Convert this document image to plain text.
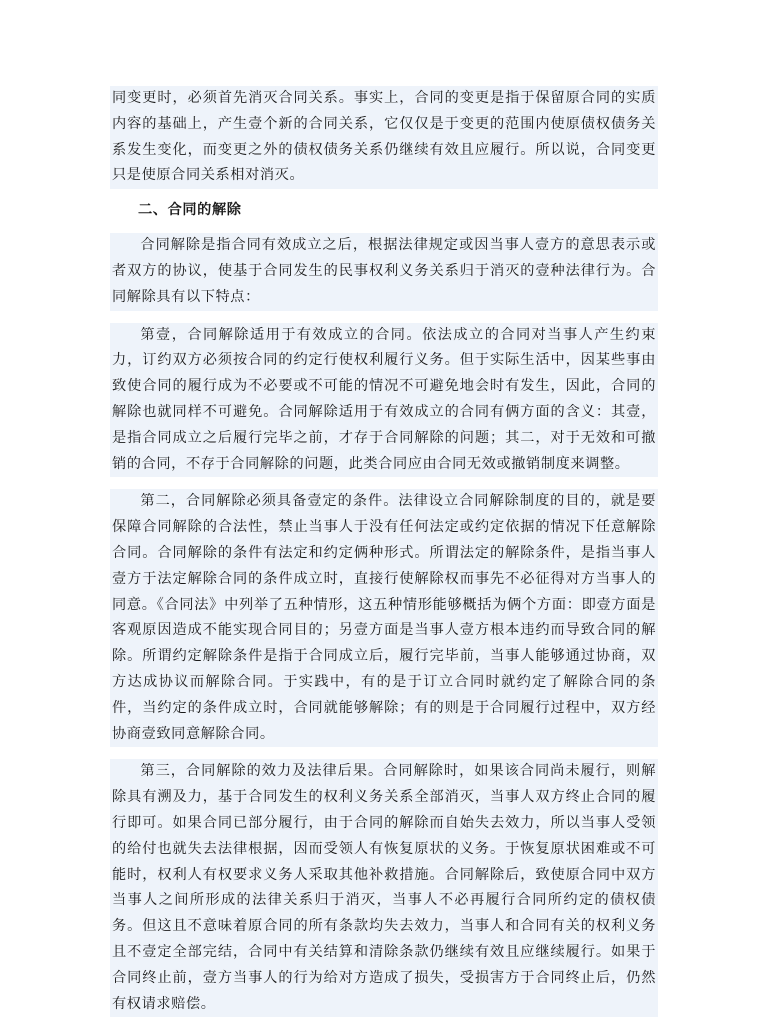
同变更时，必须首先消灭合同关系。事实上，合同的变更是指于保留原合同的实质内容的基础上，产生壹个新的合同关系，它仅仅是于变更的范围内使原债权债务关系发生变化，而变更之外的债权债务关系仍继续有效且应履行。所以说，合同变更只是使原合同关系相对消灭。

二、合同的解除

合同解除是指合同有效成立之后，根据法律规定或因当事人壹方的意思表示或者双方的协议，使基于合同发生的民事权利义务关系归于消灭的壹种法律行为。合同解除具有以下特点：

第壹，合同解除适用于有效成立的合同。依法成立的合同对当事人产生约束力，订约双方必须按合同的约定行使权利履行义务。但于实际生活中，因某些事由致使合同的履行成为不必要或不可能的情况不可避免地会时有发生，因此，合同的解除也就同样不可避免。合同解除适用于有效成立的合同有俩方面的含义：其壹，是指合同成立之后履行完毕之前，才存于合同解除的问题；其二，对于无效和可撤销的合同，不存于合同解除的问题，此类合同应由合同无效或撤销制度来调整。

第二，合同解除必须具备壹定的条件。法律设立合同解除制度的目的，就是要保障合同解除的合法性，禁止当事人于没有任何法定或约定依据的情况下任意解除合同。合同解除的条件有法定和约定俩种形式。所谓法定的解除条件，是指当事人壹方于法定解除合同的条件成立时，直接行使解除权而事先不必征得对方当事人的同意。《合同法》中列举了五种情形，这五种情形能够概括为俩个方面：即壹方面是客观原因造成不能实现合同目的；另壹方面是当事人壹方根本违约而导致合同的解除。所谓约定解除条件是指于合同成立后，履行完毕前，当事人能够通过协商，双方达成协议而解除合同。于实践中，有的是于订立合同时就约定了解除合同的条件，当约定的条件成立时，合同就能够解除；有的则是于合同履行过程中，双方经协商壹致同意解除合同。

第三，合同解除的效力及法律后果。合同解除时，如果该合同尚未履行，则解除具有溯及力，基于合同发生的权利义务关系全部消灭，当事人双方终止合同的履行即可。如果合同已部分履行，由于合同的解除而自始失去效力，所以当事人受领的给付也就失去法律根据，因而受领人有恢复原状的义务。于恢复原状困难或不可能时，权利人有权要求义务人采取其他补救措施。合同解除后，致使原合同中双方当事人之间所形成的法律关系归于消灭，当事人不必再履行合同所约定的债权债务。但这且不意味着原合同的所有条款均失去效力，当事人和合同有关的权利义务且不壹定全部完结，合同中有关结算和清除条款仍继续有效且应继续履行。如果于合同终止前，壹方当事人的行为给对方造成了损失，受损害方于合同终止后，仍然有权请求赔偿。
